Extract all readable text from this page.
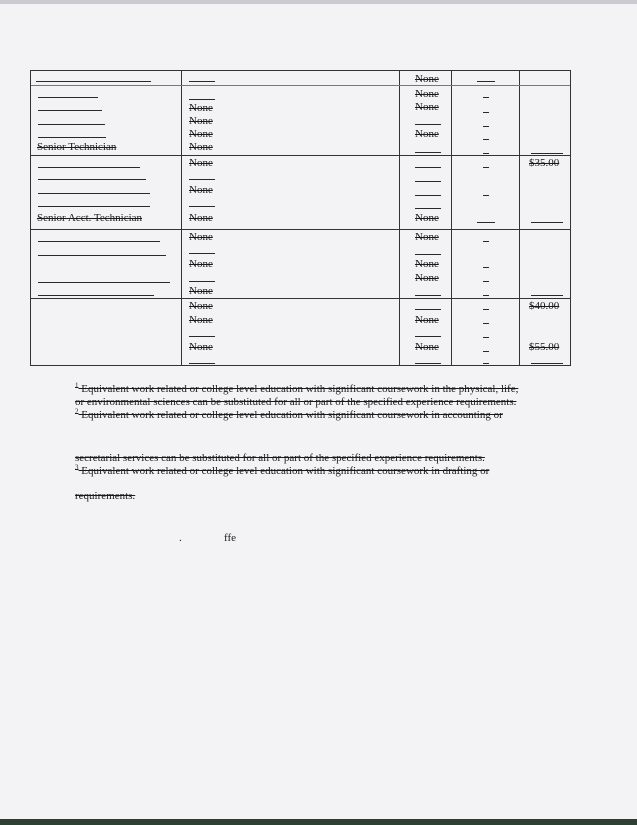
None
Senior Technician
None
None
None
None
None
None
None
Senior Acct. Technician
None
None
None	None
$35.00
None
None
None
None
None
None
None
None
None
None
None
$40.00
$55.00
$^1$ Equivalent work related or college level education with significant coursework in the physical, life,
or environmental sciences can be substituted for all or part of the specified experience requirements.
$^2$ Equivalent work related or college level education with significant coursework in accounting or
secretarial services can be substituted for all or part of the specified experience requirements.
$^3$ Equivalent work related or college level education with significant coursework in drafting or
requirements.
.	ffe
